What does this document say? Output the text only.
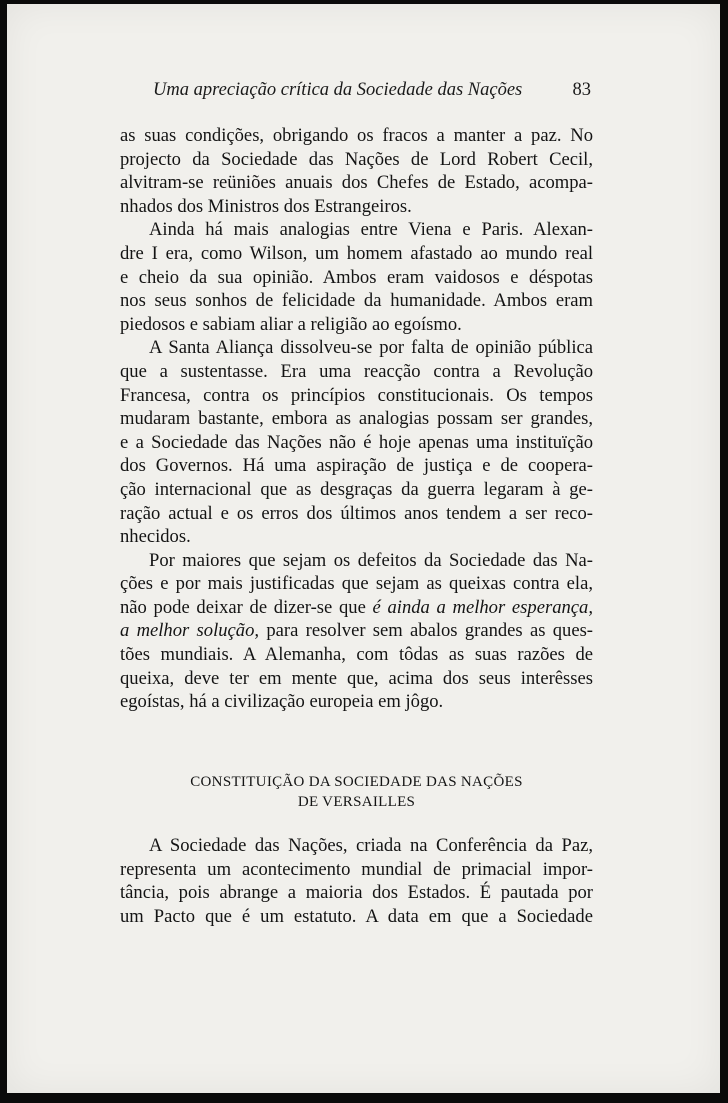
Uma apreciação crítica da Sociedade das Nações	83

as suas condições, obrigando os fracos a manter a paz. No
projecto da Sociedade das Nações de Lord Robert Cecil,
alvitram-se reüniões anuais dos Chefes de Estado, acompa-
nhados dos Ministros dos Estrangeiros.

Ainda há mais analogias entre Viena e Paris. Alexan-
dre I era, como Wilson, um homem afastado ao mundo real
e cheio da sua opinião. Ambos eram vaidosos e déspotas
nos seus sonhos de felicidade da humanidade. Ambos eram
piedosos e sabiam aliar a religião ao egoísmo.

A Santa Aliança dissolveu-se por falta de opinião pública
que a sustentasse. Era uma reacção contra a Revolução
Francesa, contra os princípios constitucionais. Os tempos
mudaram bastante, embora as analogias possam ser grandes,
e a Sociedade das Nações não é hoje apenas uma instituïção
dos Governos. Há uma aspiração de justiça e de coopera-
ção internacional que as desgraças da guerra legaram à ge-
ração actual e os erros dos últimos anos tendem a ser reco-
nhecidos.

Por maiores que sejam os defeitos da Sociedade das Na-
ções e por mais justificadas que sejam as queixas contra ela,
não pode deixar de dizer-se que é ainda a melhor esperança,
a melhor solução, para resolver sem abalos grandes as ques-
tões mundiais. A Alemanha, com tôdas as suas razões de
queixa, deve ter em mente que, acima dos seus interêsses
egoístas, há a civilização europeia em jôgo.

CONSTITUIÇÃO DA SOCIEDADE DAS NAÇÕES
DE VERSAILLES

A Sociedade das Nações, criada na Conferência da Paz,
representa um acontecimento mundial de primacial impor-
tância, pois abrange a maioria dos Estados. É pautada por
um Pacto que é um estatuto. A data em que a Sociedade
